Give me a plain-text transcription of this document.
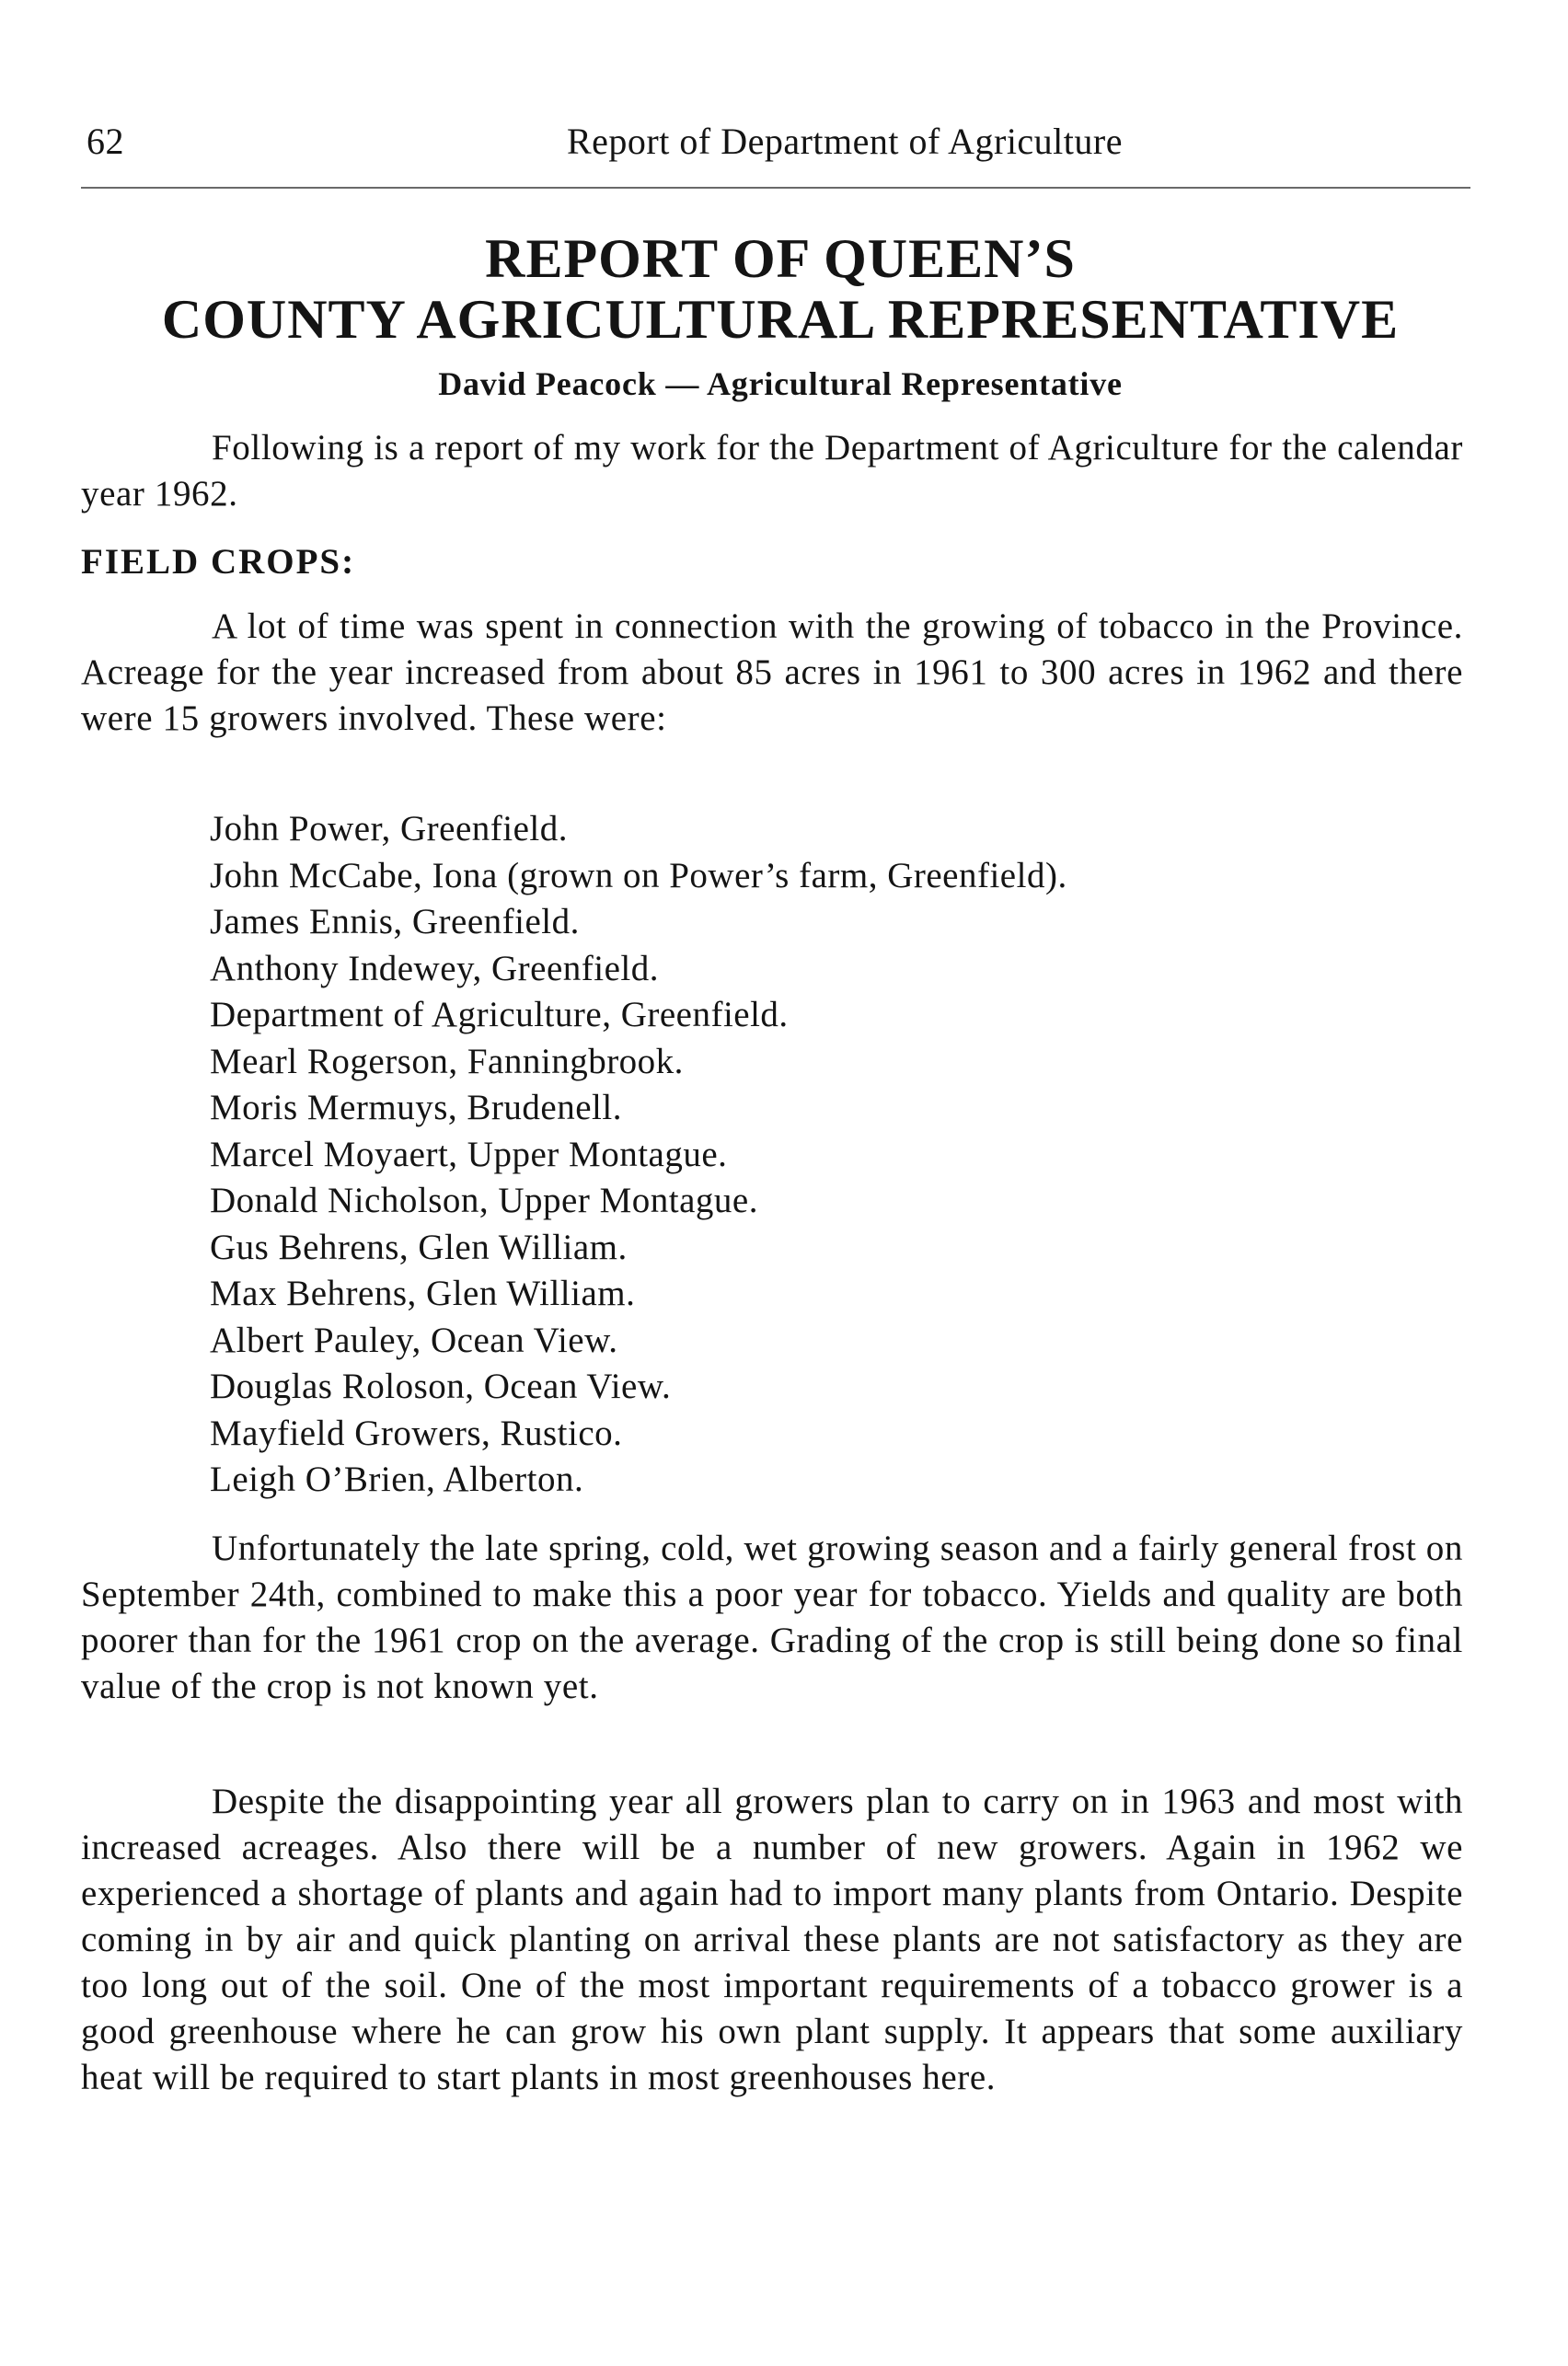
62	Report of Department of Agriculture
REPORT OF QUEEN’S
COUNTY AGRICULTURAL REPRESENTATIVE
David Peacock — Agricultural Representative

Following is a report of my work for the Department of Agriculture for the calendar year 1962.

FIELD CROPS:

A lot of time was spent in connection with the growing of tobacco in the Province. Acreage for the year increased from about 85 acres in 1961 to 300 acres in 1962 and there were 15 growers involved. These were:

John Power, Greenfield.
John McCabe, Iona (grown on Power’s farm, Greenfield).
James Ennis, Greenfield.
Anthony Indewey, Greenfield.
Department of Agriculture, Greenfield.
Mearl Rogerson, Fanningbrook.
Moris Mermuys, Brudenell.
Marcel Moyaert, Upper Montague.
Donald Nicholson, Upper Montague.
Gus Behrens, Glen William.
Max Behrens, Glen William.
Albert Pauley, Ocean View.
Douglas Roloson, Ocean View.
Mayfield Growers, Rustico.
Leigh O’Brien, Alberton.

Unfortunately the late spring, cold, wet growing season and a fairly general frost on September 24th, combined to make this a poor year for tobacco. Yields and quality are both poorer than for the 1961 crop on the average. Grading of the crop is still being done so final value of the crop is not known yet.

Despite the disappointing year all growers plan to carry on in 1963 and most with increased acreages. Also there will be a number of new growers. Again in 1962 we experienced a shortage of plants and again had to import many plants from Ontario. Despite coming in by air and quick planting on arrival these plants are not satisfactory as they are too long out of the soil. One of the most important requirements of a tobacco grower is a good greenhouse where he can grow his own plant supply. It appears that some auxiliary heat will be required to start plants in most greenhouses here.
